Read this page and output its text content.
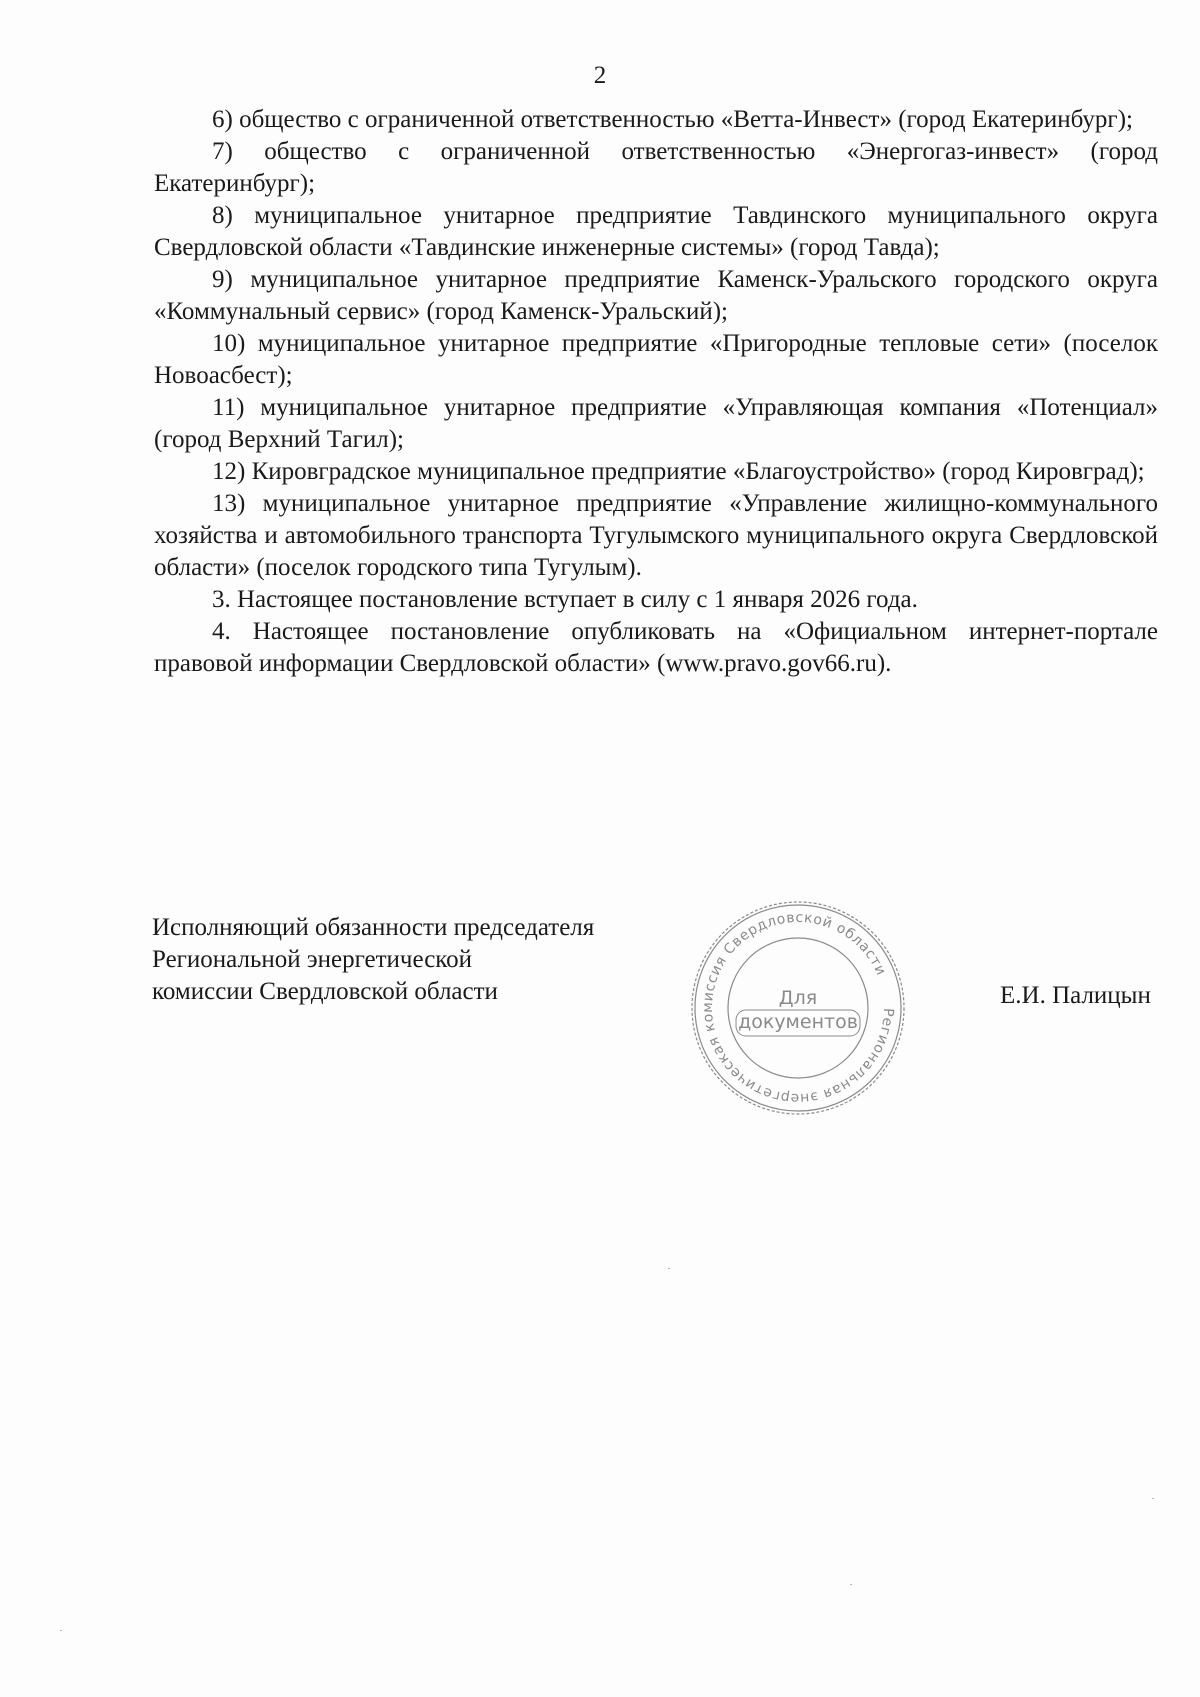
2

6) общество с ограниченной ответственностью «Ветта-Инвест» (город Екатеринбург);

7) общество с ограниченной ответственностью «Энергогаз-инвест» (город Екатеринбург);

8) муниципальное унитарное предприятие Тавдинского муниципального округа Свердловской области «Тавдинские инженерные системы» (город Тавда);

9) муниципальное унитарное предприятие Каменск-Уральского городского округа «Коммунальный сервис» (город Каменск-Уральский);

10) муниципальное унитарное предприятие «Пригородные тепловые сети» (поселок Новоасбест);

11) муниципальное унитарное предприятие «Управляющая компания «Потенциал» (город Верхний Тагил);

12) Кировградское муниципальное предприятие «Благоустройство» (город Кировград);

13) муниципальное унитарное предприятие «Управление жилищно-коммунального хозяйства и автомобильного транспорта Тугулымского муниципального округа Свердловской области» (поселок городского типа Тугулым).

3. Настоящее постановление вступает в силу с 1 января 2026 года.

4. Настоящее постановление опубликовать на «Официальном интернет-портале правовой информации Свердловской области» (www.pravo.gov66.ru).

Исполняющий обязанности председателя
Региональной энергетической
комиссии Свердловской области
Региональная энергетическая комиссия Свердловской области
Для
документов
Е.И. Палицын
